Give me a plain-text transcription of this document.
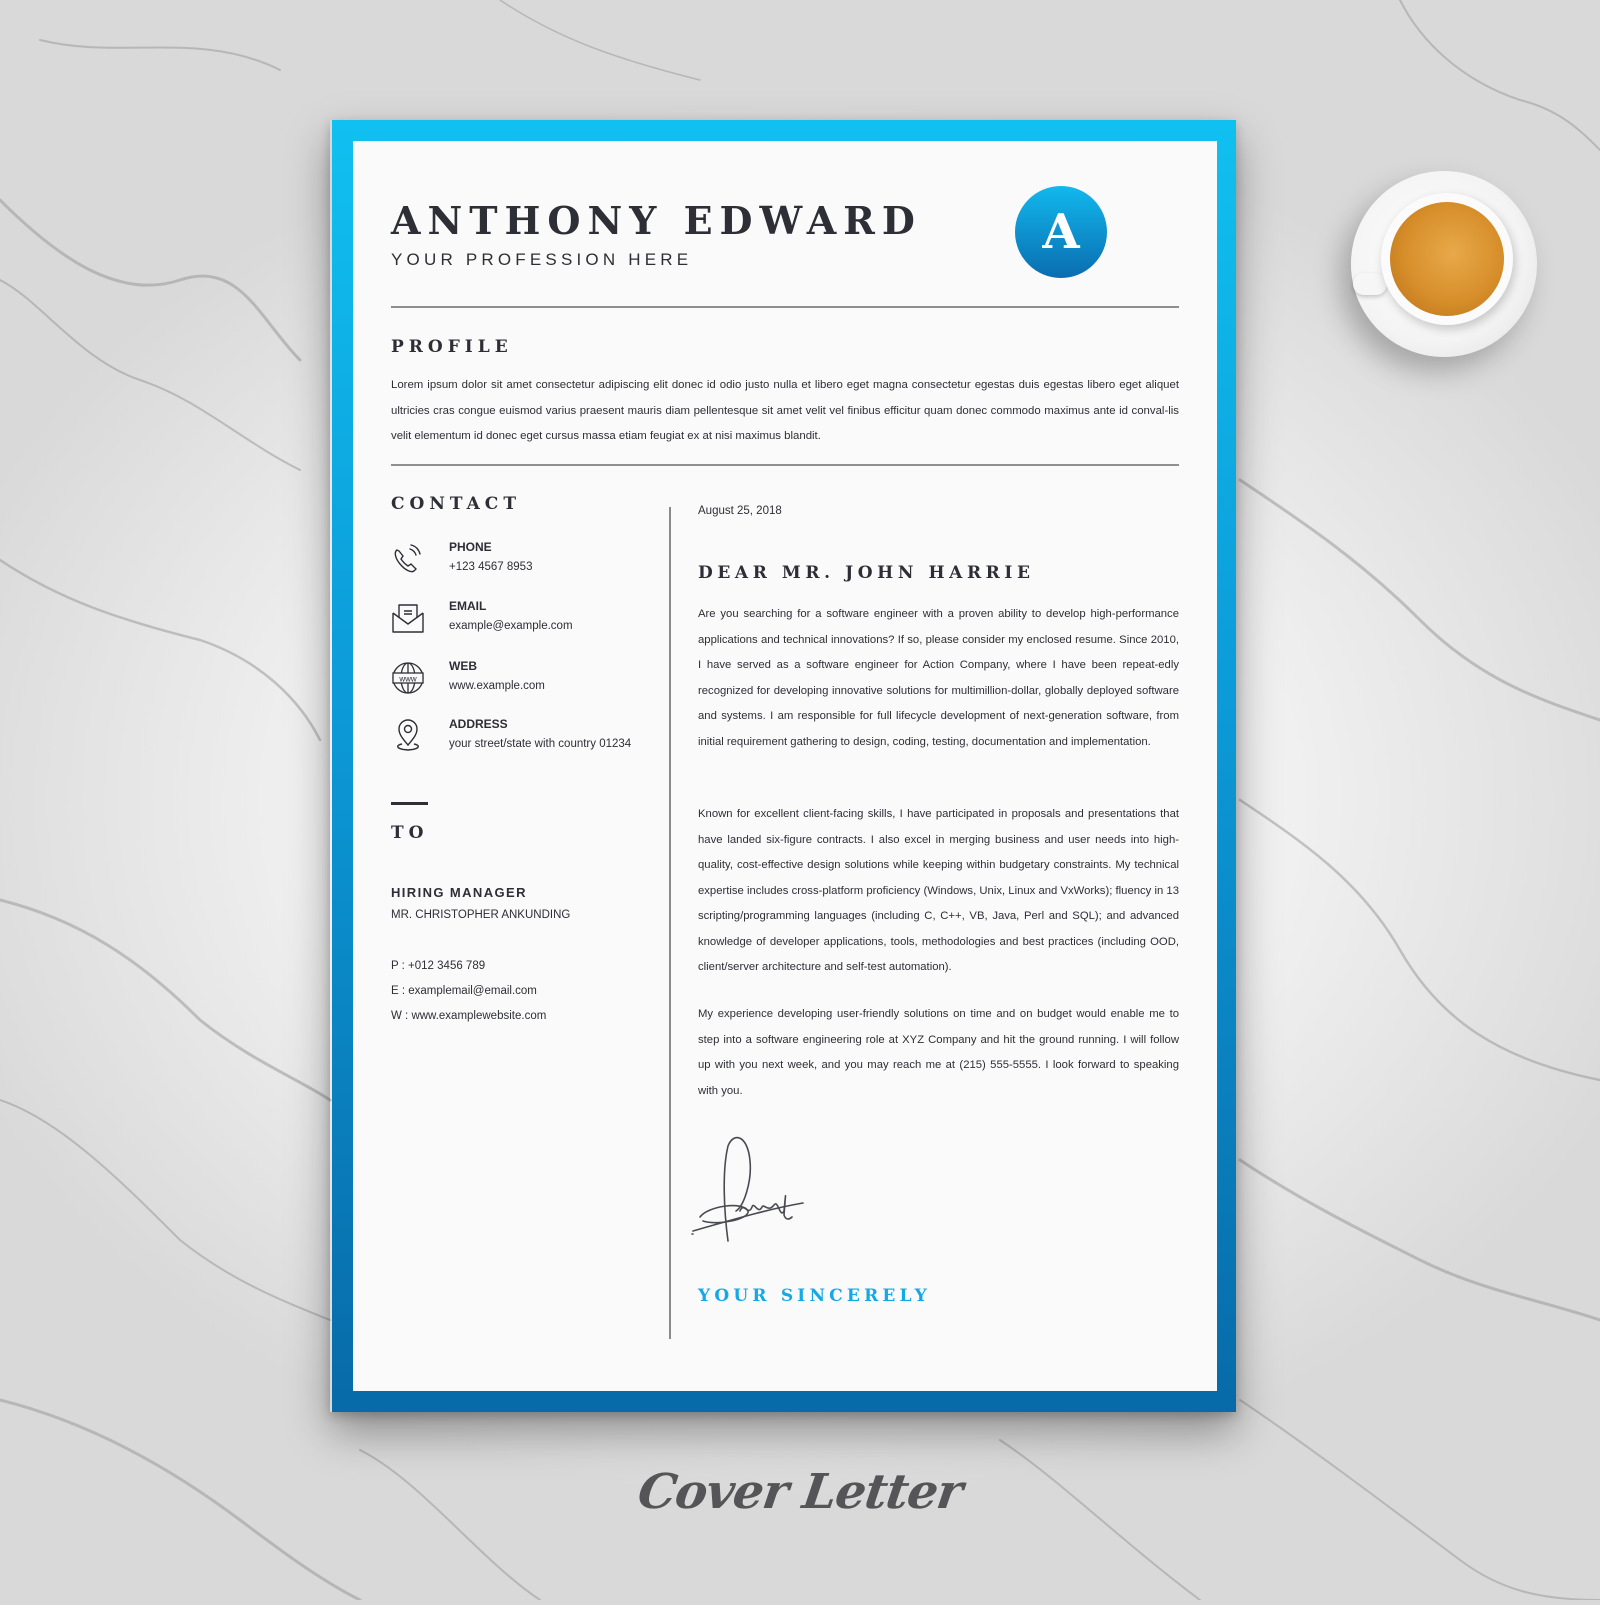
ANTHONY EDWARD
YOUR PROFESSION HERE	A
PROFILE
Lorem ipsum dolor sit amet consectetur adipiscing elit donec id odio justo nulla et libero eget magna consectetur egestas duis egestas libero eget aliquet ultricies cras congue euismod varius praesent mauris diam pellentesque sit amet velit vel finibus efficitur quam donec commodo maximus ante id conval-lis velit elementum id donec eget cursus massa etiam feugiat ex at nisi maximus blandit.
CONTACT
PHONE
+123 4567 8953
EMAIL
example@example.com
www
WEB
www.example.com
ADDRESS
your street/state with country 01234
TO
HIRING MANAGER
MR. CHRISTOPHER ANKUNDING
P : +012 3456 789
E : examplemail@email.com
W : www.examplewebsite.com
August 25, 2018
DEAR MR. JOHN HARRIE
Are you searching for a software engineer with a proven ability to develop high-performance applications and technical innovations? If so, please consider my enclosed resume. Since 2010, I have served as a software engineer for Action Company, where I have been repeat-edly recognized for developing innovative solutions for multimillion-dollar, globally deployed software and systems. I am responsible for full lifecycle development of next-generation software, from initial requirement gathering to design, coding, testing, documentation and implementation.
Known for excellent client-facing skills, I have participated in proposals and presentations that have landed six-figure contracts. I also excel in merging business and user needs into high-quality, cost-effective design solutions while keeping within budgetary constraints. My technical expertise includes cross-platform proficiency (Windows, Unix, Linux and VxWorks); fluency in 13 scripting/programming languages (including C, C++, VB, Java, Perl and SQL); and advanced knowledge of developer applications, tools, methodologies and best practices (including OOD, client/server architecture and self-test automation).
My experience developing user-friendly solutions on time and on budget would enable me to step into a software engineering role at XYZ Company and hit the ground running. I will follow up with you next week, and you may reach me at (215) 555-5555. I look forward to speaking with you.
YOUR SINCERELY
Cover Letter
